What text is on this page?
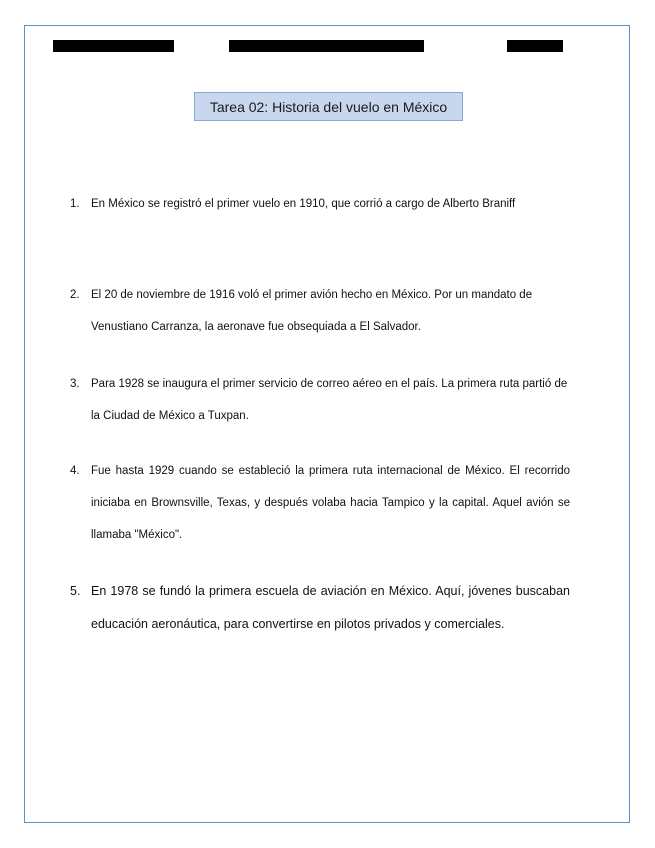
Tarea 02: Historia del vuelo en México
1. En México se registró el primer vuelo en 1910, que corrió a cargo de Alberto Braniff
2. El 20 de noviembre de 1916 voló el primer avión hecho en México. Por un mandato de Venustiano Carranza, la aeronave fue obsequiada a El Salvador.
3. Para 1928 se inaugura el primer servicio de correo aéreo en el país. La primera ruta partió de la Ciudad de México a Tuxpan.
4. Fue hasta 1929 cuando se estableció la primera ruta internacional de México. El recorrido iniciaba en Brownsville, Texas, y después volaba hacia Tampico y la capital. Aquel avión se llamaba "México".
5. En 1978 se fundó la primera escuela de aviación en México. Aquí, jóvenes buscaban educación aeronáutica, para convertirse en pilotos privados y comerciales.
